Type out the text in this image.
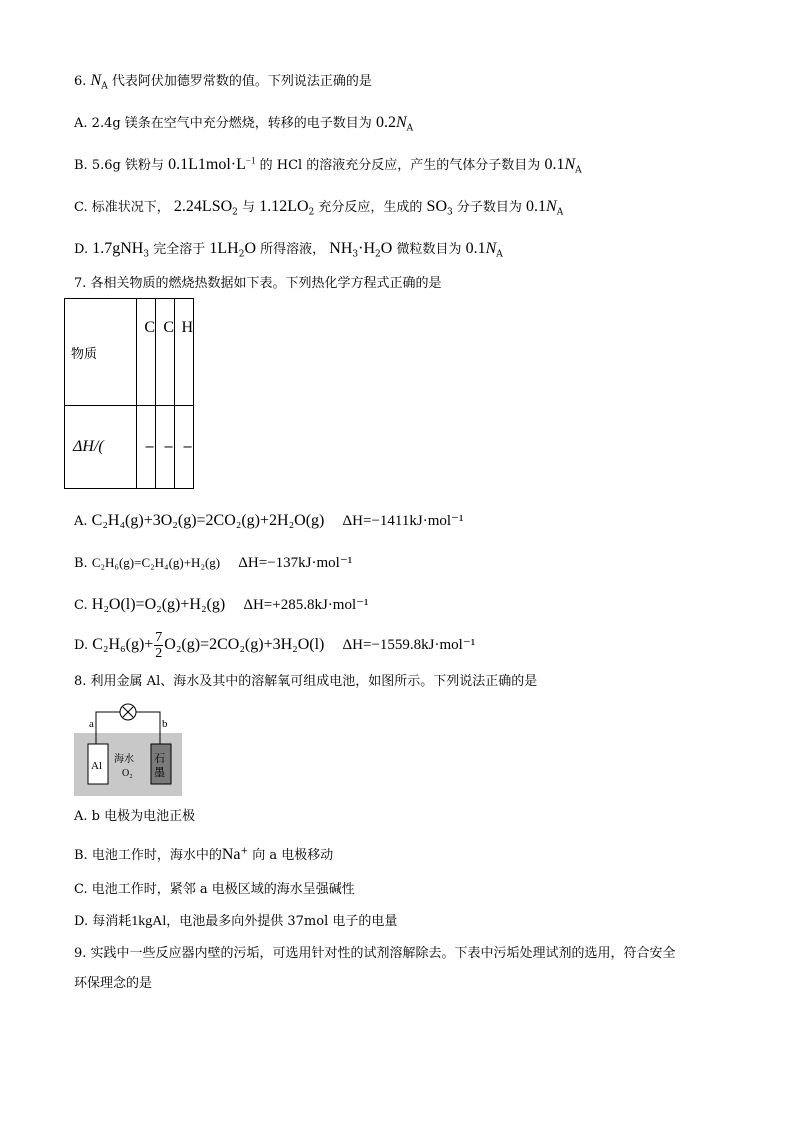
6. $N_A$ 代表阿伏加德罗常数的值。下列说法正确的是
A. 2.4g 镁条在空气中充分燃烧，转移的电子数目为 $0.2N_A$
B. 5.6g 铁粉与 $0.1L1mol\cdot L^{-1}$ 的 HCl 的溶液充分反应，产生的气体分子数目为 $0.1N_A$
C. 标准状况下， $2.24LSO_2$ 与 $1.12LO_2$ 充分反应，生成的 $SO_3$ 分子数目为 $0.1N_A$
D. 1.7gNH$_3$ 完全溶于 $1LH_2O$ 所得溶液， $NH_3\cdot H_2O$ 微粒数目为 $0.1N_A$
7. 各相关物质的燃烧热数据如下表。下列热化学方程式正确的是
物质	C	C	H
ΔH/(	−	−	−
A. C₂H₄(g)+3O₂(g)=2CO₂(g)+2H₂O(g) ΔH=−1411kJ·mol⁻¹
B. C₂H₆(g)=C₂H₄(g)+H₂(g) ΔH=−137kJ·mol⁻¹
C. H₂O(l)=O₂(g)+H₂(g) ΔH=+285.8kJ·mol⁻¹
D. $C_2H_6(g)+ \frac{7}{2} O_2(g)=2CO_2(g)+3H_2O(l)$ ΔH=−1559.8kJ·mol⁻¹
8. 利用金属 Al、海水及其中的溶解氧可组成电池，如图所示。下列说法正确的是
a	b
Al
石
墨
海水
O₂
A. b 电极为电池正极
B. 电池工作时，海水中的Na+ 向 a 电极移动
C. 电池工作时，紧邻 a 电极区域的海水呈强碱性
D. 每消耗1kgAl，电池最多向外提供 37mol 电子的电量
9. 实践中一些反应器内壁的污垢，可选用针对性的试剂溶解除去。下表中污垢处理试剂的选用，符合安全
环保理念的是
